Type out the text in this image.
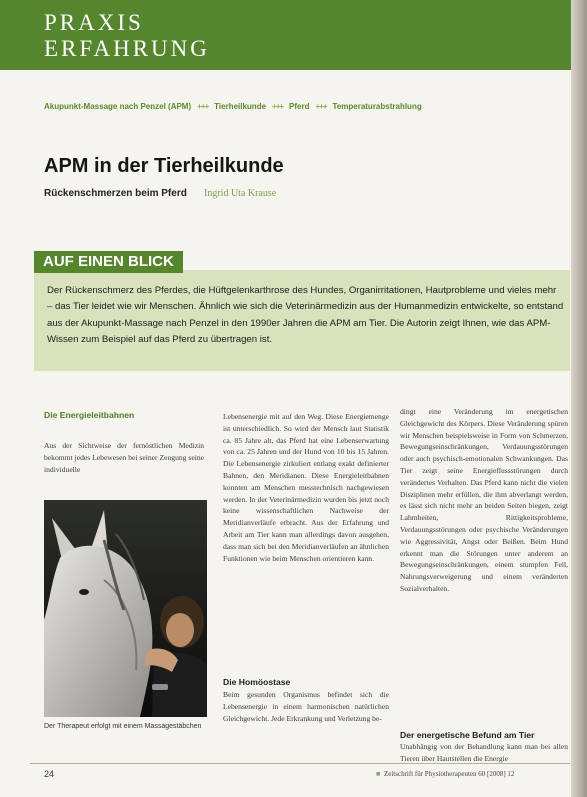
PRAXIS
ERFAHRUNG
Akupunkt-Massage nach Penzel (APM) +++ Tierheilkunde +++ Pferd +++ Temperaturabstrahlung
APM in der Tierheilkunde
Rückenschmerzen beim Pferd Ingrid Uta Krause
AUF EINEN BLICK
Der Rückenschmerz des Pferdes, die Hüftgelenkarthrose des Hundes, Organirritationen, Hautprobleme und vieles mehr – das Tier leidet wie wir Menschen. Ähnlich wie sich die Veterinärmedizin aus der Humanmedizin entwickelte, so entstand aus der Akupunkt-Massage nach Penzel in den 1990er Jahren die APM am Tier. Die Autorin zeigt Ihnen, wie das APM-Wissen zum Beispiel auf das Pferd zu übertragen ist.
Die Energieleitbahnen
Aus der Sichtweise der fernöstlichen Medizin bekommt jedes Lebewesen bei seiner Zeugung seine individuelle
Der Therapeut erfolgt mit einem Massagestäbchen
Lebensenergie mit auf den Weg. Diese Energiemenge ist unterschiedlich. So wird der Mensch laut Statistik ca. 85 Jahre alt, das Pferd hat eine Lebenserwartung von ca. 25 Jahren und der Hund von 10 bis 15 Jahren. Die Lebensenergie zirkuliert entlang exakt definierter Bahnen, den Meridianen. Diese Energieleitbahnen konnten am Menschen messtechnisch nachgewiesen werden. In der Veterinärmedizin wurden bis jetzt noch keine wissenschaftlichen Nachweise der Meridianverläufe erbracht. Aus der Erfahrung und Arbeit am Tier kann man allerdings davon ausgehen, dass man sich bei den Meridianverläufen an ähnlichen Funktionen wie beim Menschen orientieren kann.
Die Homöostase
Beim gesunden Organismus befindet sich die Lebensenergie in einem harmonischen natürlichen Gleichgewicht. Jede Erkrankung und Verletzung be-
dingt eine Veränderung im energetischen Gleichgewicht des Körpers. Diese Veränderung spüren wir Menschen beispielsweise in Form von Schmerzen, Bewegungseinschränkungen, Verdauungsstörungen oder auch psychisch-emotionalen Schwankungen. Das Tier zeigt seine Energieflussstörungen durch verändertes Verhalten. Das Pferd kann nicht die vielen Disziplinen mehr erfüllen, die ihm abverlangt werden, es lässt sich nicht mehr an beiden Seiten biegen, zeigt Lahmheiten, Rittigkeitsprobleme, Verdauungsstörungen oder psychische Veränderungen wie Aggressivität, Angst oder Beißen. Beim Hund erkennt man die Störungen unter anderem an Bewegungseinschränkungen, einem stumpfen Fell, Nahrungsverweigerung und einem veränderten Sozialverhalten.
Der energetische Befund am Tier
Unabhängig von der Behandlung kann man bei allen Tieren über Hautstellen die Energie
24	■ Zeitschrift für Physiotherapeuten 60 [2008] 12
